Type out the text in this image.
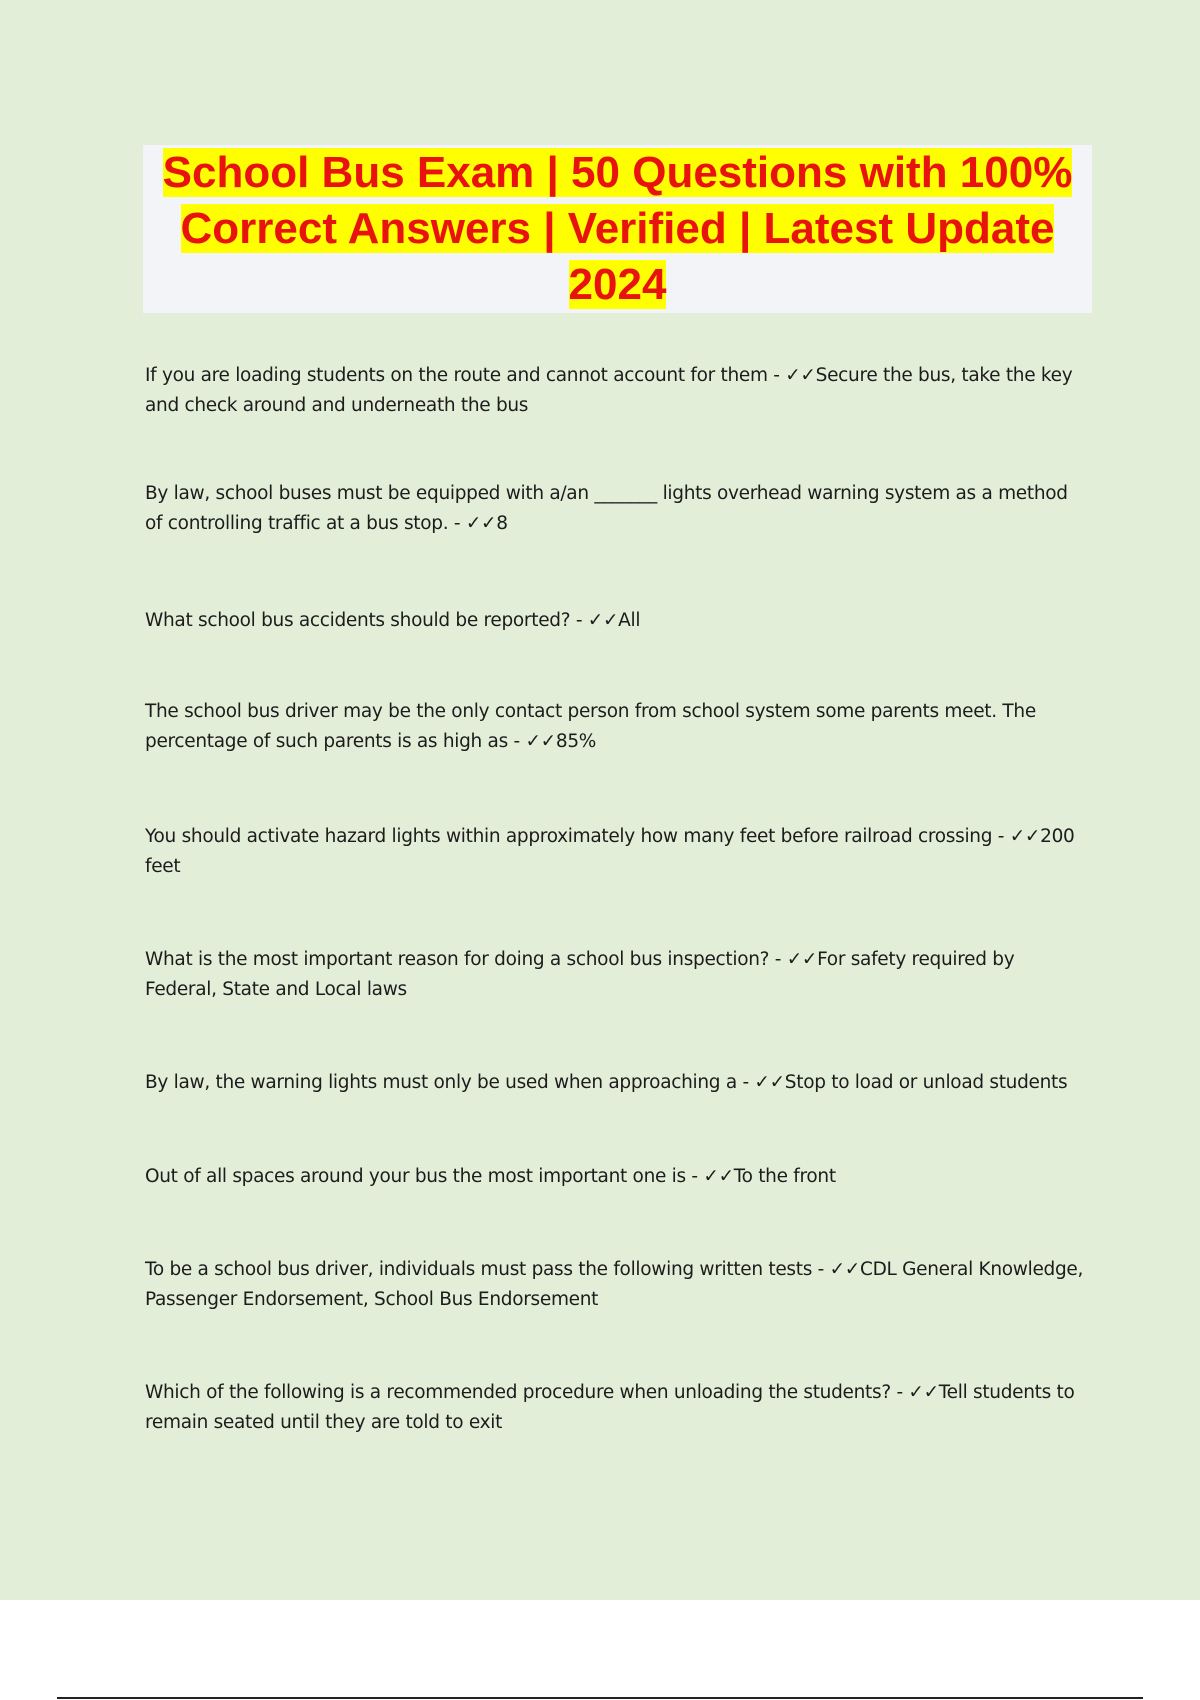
School Bus Exam | 50 Questions with 100% Correct Answers | Verified | Latest Update 2024
If you are loading students on the route and cannot account for them - ✓✓Secure the bus, take the key and check around and underneath the bus
By law, school buses must be equipped with a/an _______ lights overhead warning system as a method of controlling traffic at a bus stop. - ✓✓8
What school bus accidents should be reported? - ✓✓All
The school bus driver may be the only contact person from school system some parents meet. The percentage of such parents is as high as - ✓✓85%
You should activate hazard lights within approximately how many feet before railroad crossing - ✓✓200 feet
What is the most important reason for doing a school bus inspection? - ✓✓For safety required by Federal, State and Local laws
By law, the warning lights must only be used when approaching a - ✓✓Stop to load or unload students
Out of all spaces around your bus the most important one is - ✓✓To the front
To be a school bus driver, individuals must pass the following written tests - ✓✓CDL General Knowledge, Passenger Endorsement, School Bus Endorsement
Which of the following is a recommended procedure when unloading the students? - ✓✓Tell students to remain seated until they are told to exit
